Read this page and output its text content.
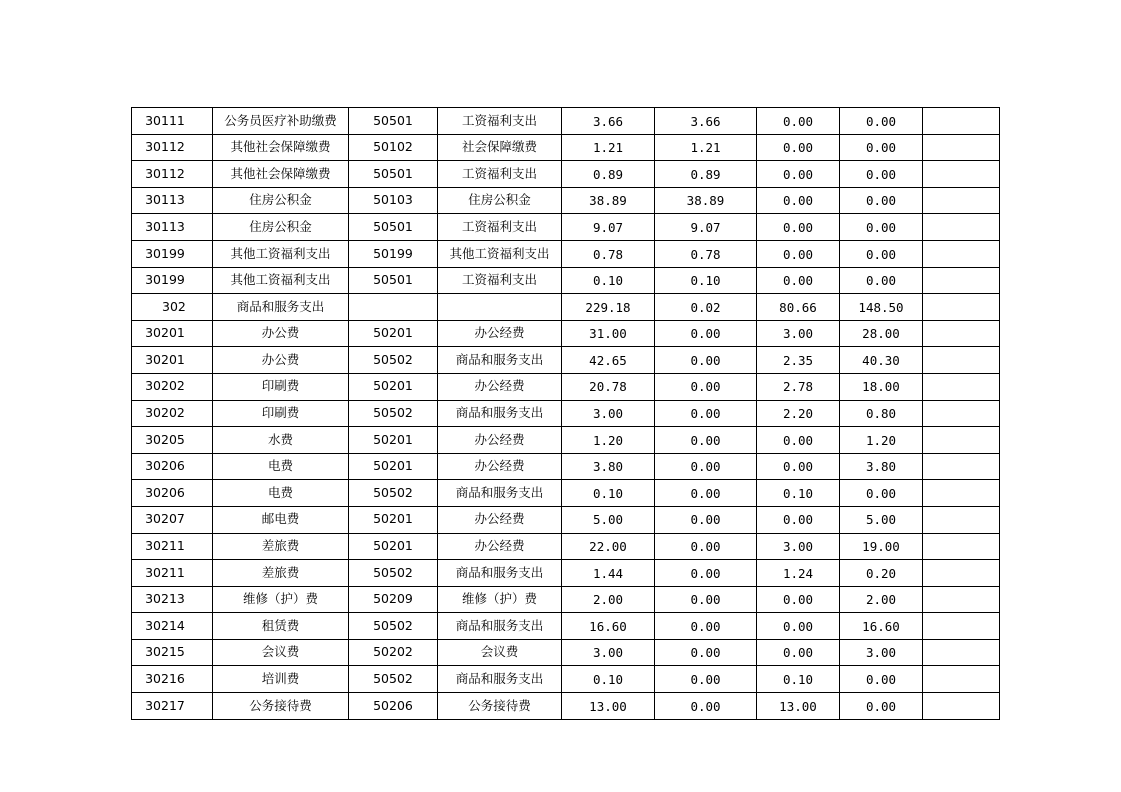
30111	公务员医疗补助缴费	50501	工资福利支出	3.66	3.66	0.00	0.00	
30112	其他社会保障缴费	50102	社会保障缴费	1.21	1.21	0.00	0.00	
30112	其他社会保障缴费	50501	工资福利支出	0.89	0.89	0.00	0.00	
30113	住房公积金	50103	住房公积金	38.89	38.89	0.00	0.00	
30113	住房公积金	50501	工资福利支出	9.07	9.07	0.00	0.00	
30199	其他工资福利支出	50199	其他工资福利支出	0.78	0.78	0.00	0.00	
30199	其他工资福利支出	50501	工资福利支出	0.10	0.10	0.00	0.00	
302	商品和服务支出			229.18	0.02	80.66	148.50	
30201	办公费	50201	办公经费	31.00	0.00	3.00	28.00	
30201	办公费	50502	商品和服务支出	42.65	0.00	2.35	40.30	
30202	印刷费	50201	办公经费	20.78	0.00	2.78	18.00	
30202	印刷费	50502	商品和服务支出	3.00	0.00	2.20	0.80	
30205	水费	50201	办公经费	1.20	0.00	0.00	1.20	
30206	电费	50201	办公经费	3.80	0.00	0.00	3.80	
30206	电费	50502	商品和服务支出	0.10	0.00	0.10	0.00	
30207	邮电费	50201	办公经费	5.00	0.00	0.00	5.00	
30211	差旅费	50201	办公经费	22.00	0.00	3.00	19.00	
30211	差旅费	50502	商品和服务支出	1.44	0.00	1.24	0.20	
30213	维修（护）费	50209	维修（护）费	2.00	0.00	0.00	2.00	
30214	租赁费	50502	商品和服务支出	16.60	0.00	0.00	16.60	
30215	会议费	50202	会议费	3.00	0.00	0.00	3.00	
30216	培训费	50502	商品和服务支出	0.10	0.00	0.10	0.00	
30217	公务接待费	50206	公务接待费	13.00	0.00	13.00	0.00	
